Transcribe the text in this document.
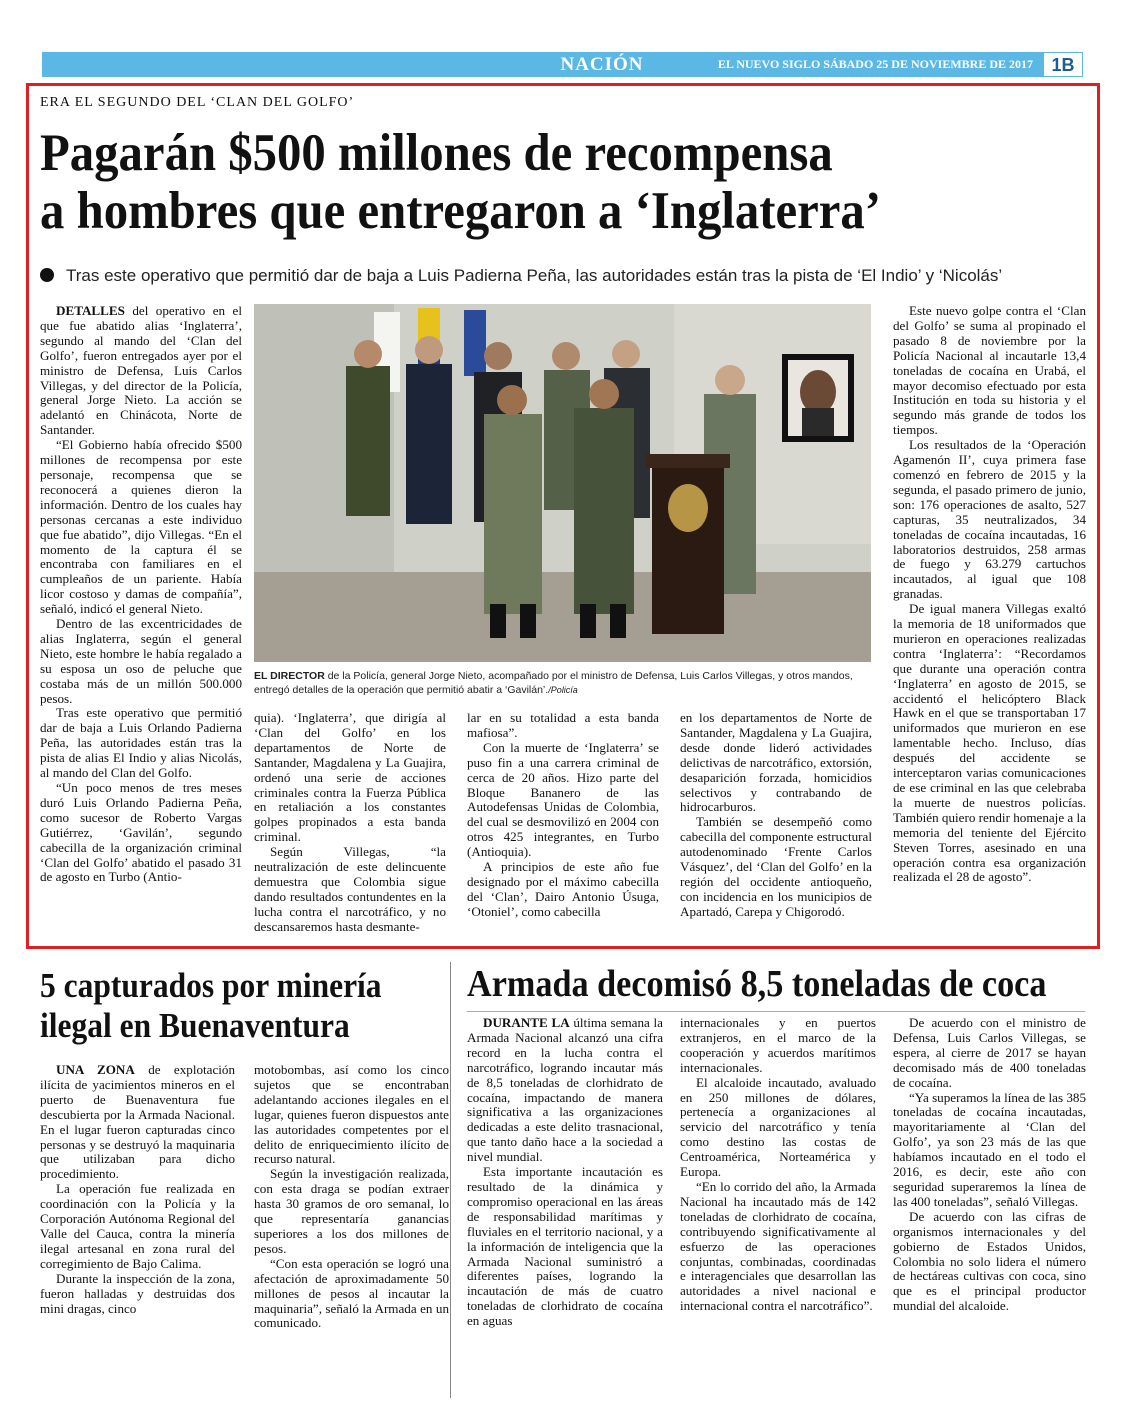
NACIÓN	EL NUEVO SIGLO SÁBADO 25 DE NOVIEMBRE DE 2017	1B
ERA EL SEGUNDO DEL ‘CLAN DEL GOLFO’
Pagarán $500 millones de recompensa
a hombres que entregaron a ‘Inglaterra’
Tras este operativo que permitió dar de baja a Luis Padierna Peña, las autoridades están tras la pista de ‘El Indio’ y ‘Nicolás’

DETALLES del operativo en el que fue abatido alias ‘Inglaterra’, segundo al mando del ‘Clan del Golfo’, fueron entregados ayer por el ministro de Defensa, Luis Carlos Villegas, y del director de la Policía, general Jorge Nieto. La acción se adelantó en Chinácota, Norte de Santander.

“El Gobierno había ofrecido $500 millones de recompensa por este personaje, recompensa que se reconocerá a quienes dieron la información. Dentro de los cuales hay personas cercanas a este individuo que fue abatido”, dijo Villegas. “En el momento de la captura él se encontraba con familiares en el cumpleaños de un pariente. Había licor costoso y damas de compañía”, señaló, indicó el general Nieto.

Dentro de las excentricidades de alias Inglaterra, según el general Nieto, este hombre le había regalado a su esposa un oso de peluche que costaba más de un millón 500.000 pesos.

Tras este operativo que permitió dar de baja a Luis Orlando Padierna Peña, las autoridades están tras la pista de alias El Indio y alias Nicolás, al mando del Clan del Golfo.

“Un poco menos de tres meses duró Luis Orlando Padierna Peña, como sucesor de Roberto Vargas Gutiérrez, ‘Gavilán’, segundo cabecilla de la organización criminal ‘Clan del Golfo’ abatido el pasado 31 de agosto en Turbo (Antio-

EL DIRECTOR de la Policía, general Jorge Nieto, acompañado por el ministro de Defensa, Luis Carlos Villegas, y otros mandos, entregó detalles de la operación que permitió abatir a ‘Gavilán’./Policía

quia). ‘Inglaterra’, que dirigía al ‘Clan del Golfo’ en los departamentos de Norte de Santander, Magdalena y La Guajira, ordenó una serie de acciones criminales contra la Fuerza Pública en retaliación a los constantes golpes propinados a esta banda criminal.

Según Villegas, “la neutralización de este delincuente demuestra que Colombia sigue dando resultados contundentes en la lucha contra el narcotráfico, y no descansaremos hasta desmante-

lar en su totalidad a esta banda mafiosa”.

Con la muerte de ‘Inglaterra’ se puso fin a una carrera criminal de cerca de 20 años. Hizo parte del Bloque Bananero de las Autodefensas Unidas de Colombia, del cual se desmovilizó en 2004 con otros 425 integrantes, en Turbo (Antioquia).

A principios de este año fue designado por el máximo cabecilla del ‘Clan’, Dairo Antonio Úsuga, ‘Otoniel’, como cabecilla

en los departamentos de Norte de Santander, Magdalena y La Guajira, desde donde lideró actividades delictivas de narcotráfico, extorsión, desaparición forzada, homicidios selectivos y contrabando de hidrocarburos.

También se desempeñó como cabecilla del componente estructural autodenominado ‘Frente Carlos Vásquez’, del ‘Clan del Golfo’ en la región del occidente antioqueño, con incidencia en los municipios de Apartadó, Carepa y Chigorodó.

Este nuevo golpe contra el ‘Clan del Golfo’ se suma al propinado el pasado 8 de noviembre por la Policía Nacional al incautarle 13,4 toneladas de cocaína en Urabá, el mayor decomiso efectuado por esta Institución en toda su historia y el segundo más grande de todos los tiempos.

Los resultados de la ‘Operación Agamenón II’, cuya primera fase comenzó en febrero de 2015 y la segunda, el pasado primero de junio, son: 176 operaciones de asalto, 527 capturas, 35 neutralizados, 34 toneladas de cocaína incautadas, 16 laboratorios destruidos, 258 armas de fuego y 63.279 cartuchos incautados, al igual que 108 granadas.

De igual manera Villegas exaltó la memoria de 18 uniformados que murieron en operaciones realizadas contra ‘Inglaterra’: “Recordamos que durante una operación contra ‘Inglaterra’ en agosto de 2015, se accidentó el helicóptero Black Hawk en el que se transportaban 17 uniformados que murieron en ese lamentable hecho. Incluso, días después del accidente se interceptaron varias comunicaciones de ese criminal en las que celebraba la muerte de nuestros policías. También quiero rendir homenaje a la memoria del teniente del Ejército Steven Torres, asesinado en una operación contra esa organización realizada el 28 de agosto”.

5 capturados por minería
ilegal en Buenaventura

UNA ZONA de explotación ilícita de yacimientos mineros en el puerto de Buenaventura fue descubierta por la Armada Nacional. En el lugar fueron capturadas cinco personas y se destruyó la maquinaria que utilizaban para dicho procedimiento.

La operación fue realizada en coordinación con la Policía y la Corporación Autónoma Regional del Valle del Cauca, contra la minería ilegal artesanal en zona rural del corregimiento de Bajo Calima.

Durante la inspección de la zona, fueron halladas y destruidas dos mini dragas, cinco

motobombas, así como los cinco sujetos que se encontraban adelantando acciones ilegales en el lugar, quienes fueron dispuestos ante las autoridades competentes por el delito de enriquecimiento ilícito de recurso natural.

Según la investigación realizada, con esta draga se podían extraer hasta 30 gramos de oro semanal, lo que representaría ganancias superiores a los dos millones de pesos.

“Con esta operación se logró una afectación de aproximadamente 50 millones de pesos al incautar la maquinaria”, señaló la Armada en un comunicado.

Armada decomisó 8,5 toneladas de coca

DURANTE LA última semana la Armada Nacional alcanzó una cifra record en la lucha contra el narcotráfico, logrando incautar más de 8,5 toneladas de clorhidrato de cocaína, impactando de manera significativa a las organizaciones dedicadas a este delito trasnacional, que tanto daño hace a la sociedad a nivel mundial.

Esta importante incautación es resultado de la dinámica y compromiso operacional en las áreas de responsabilidad marítimas y fluviales en el territorio nacional, y a la información de inteligencia que la Armada Nacional suministró a diferentes países, logrando la incautación de más de cuatro toneladas de clorhidrato de cocaína en aguas

internacionales y en puertos extranjeros, en el marco de la cooperación y acuerdos marítimos internacionales.

El alcaloide incautado, avaluado en 250 millones de dólares, pertenecía a organizaciones al servicio del narcotráfico y tenía como destino las costas de Centroamérica, Norteamérica y Europa.

“En lo corrido del año, la Armada Nacional ha incautado más de 142 toneladas de clorhidrato de cocaína, contribuyendo significativamente al esfuerzo de las operaciones conjuntas, combinadas, coordinadas e interagenciales que desarrollan las autoridades a nivel nacional e internacional contra el narcotráfico”.

De acuerdo con el ministro de Defensa, Luis Carlos Villegas, se espera, al cierre de 2017 se hayan decomisado más de 400 toneladas de cocaína.

“Ya superamos la línea de las 385 toneladas de cocaína incautadas, mayoritariamente al ‘Clan del Golfo’, ya son 23 más de las que habíamos incautado en el todo el 2016, es decir, este año con seguridad superaremos la línea de las 400 toneladas”, señaló Villegas.

De acuerdo con las cifras de organismos internacionales y del gobierno de Estados Unidos, Colombia no solo lidera el número de hectáreas cultivas con coca, sino que es el principal productor mundial del alcaloide.
